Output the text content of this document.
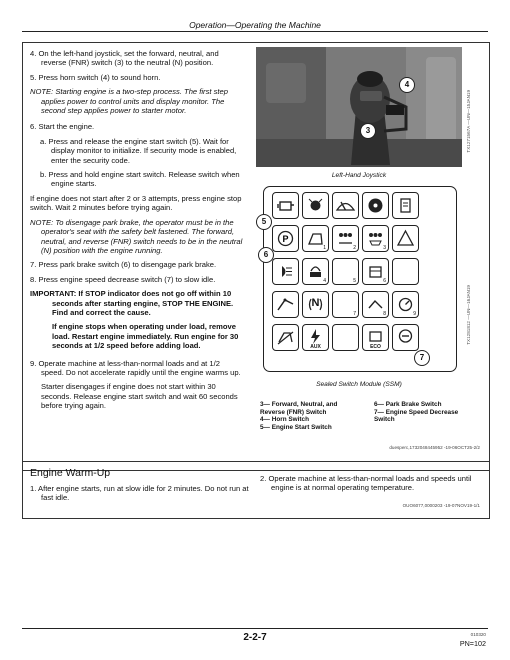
Operation—Operating the Machine
4. On the left-hand joystick, set the forward, neutral, and reverse (FNR) switch (3) to the neutral (N) position.
5. Press horn switch (4) to sound horn.
NOTE: Starting engine is a two-step process. The first step applies power to control units and display monitor. The second step applies power to starter motor.
6. Start the engine.
a. Press and release the engine start switch (5). Wait for display monitor to initialize. If security mode is enabled, enter the security code.
b. Press and hold engine start switch. Release switch when engine starts.
If engine does not start after 2 or 3 attempts, press engine stop switch. Wait 2 minutes before trying again.
NOTE: To disengage park brake, the operator must be in the operator's seat with the safety belt fastened. The forward, neutral, and reverse (FNR) switch needs to be in the neutral (N) position with the engine running.
7. Press park brake switch (6) to disengage park brake.
8. Press engine speed decrease switch (7) to slow idle.
IMPORTANT: If STOP indicator does not go off within 10 seconds after starting engine, STOP THE ENGINE. Find and correct the cause.
If engine stops when operating under load, remove load. Restart engine immediately. Run engine for 30 seconds at 1/2 speed before adding load.
9. Operate machine at less-than-normal loads and at 1/2 speed. Do not accelerate rapidly until the engine warms up.
Starter disengages if engine does not start within 30 seconds. Release engine start switch and wait 60 seconds before trying again.
4
3	TX1271567A —UN—15JAN19
Left-Hand Joystick
P
1	2	3
4	5	6
N
7	8	9
AUX	ECO
5
6
7
TX1281812 —UN—16JAN19
Sealed Switch Module (SSM)
3— Forward, Neutral, and Reverse (FNR) Switch
4— Horn Switch
5— Engine Start Switch
6— Park Brake Switch
7— Engine Speed Decrease Switch
duesperc,1732048445952 -19-06OCT25-2/2
Engine Warm-Up
1. After engine starts, run at slow idle for 2 minutes. Do not run at fast idle.
2. Operate machine at less-than-normal loads and speeds until engine is at normal operating temperature.
OUO6077,0000203 -19-07NOV19-1/1
2-2-7	010320
PN=102
